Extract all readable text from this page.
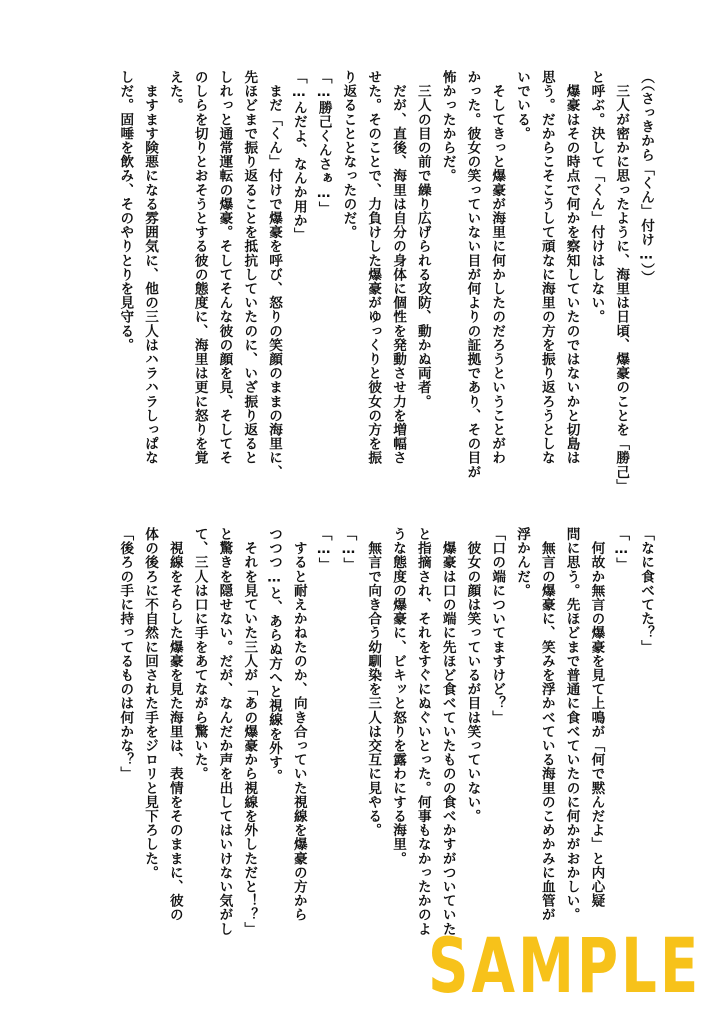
（（さっきから「くん」付け…））
　三人が密かに思ったように、海里は日頃、爆豪のことを「勝己」
と呼ぶ。決して「くん」付けはしない。
　爆豪はその時点で何かを察知していたのではないかと切島は
思う。だからこそこうして頑なに海里の方を振り返ろうとしな
いでいる。
　そしてきっと爆豪が海里に何かしたのだろうということがわ
かった。彼女の笑っていない目が何よりの証拠であり、その目が
怖かったからだ。
　三人の目の前で繰り広げられる攻防、動かぬ両者。
　だが、直後、海里は自分の身体に個性を発動させ力を増幅さ
せた。そのことで、力負けした爆豪がゆっくりと彼女の方を振
り返ることとなったのだ。
「…勝己くんさぁ…」
「…んだよ、なんか用か」
　まだ「くん」付けで爆豪を呼び、怒りの笑顔のままの海里に、
先ほどまで振り返ることを抵抗していたのに、いざ振り返ると
しれっと通常運転の爆豪。そしてそんな彼の顔を見、そしてそ
のしらを切りとおそうとする彼の態度に、海里は更に怒りを覚
えた。
　ますます険悪になる雰囲気に、他の三人はハラハラしっぱな
しだ。固唾を飲み、そのやりとりを見守る。
「なに食べてた？」
「…」
　何故か無言の爆豪を見て上鳴が「何で黙んだよ」と内心疑
問に思う。先ほどまで普通に食べていたのに何かがおかしい。
　無言の爆豪に、笑みを浮かべている海里のこめかみに血管が
浮かんだ。
「口の端についてますけど？」
　彼女の顔は笑っているが目は笑っていない。
　爆豪は口の端に先ほど食べていたものの食べかすがついていた
と指摘され、それをすぐにぬぐいとった。何事もなかったかのよ
うな態度の爆豪に、ビキッと怒りを露わにする海里。
　無言で向き合う幼馴染を三人は交互に見やる。
「…」
「…」
　すると耐えかねたのか、向き合っていた視線を爆豪の方から
つつつ…と、あらぬ方へと視線を外す。
　それを見ていた三人が「あの爆豪から視線を外しただと！？」
と驚きを隠せない。だが、なんだか声を出してはいけない気がし
て、三人は口に手をあてながら驚いた。
　視線をそらした爆豪を見た海里は、表情をそのままに、彼の
体の後ろに不自然に回された手をジロリと見下ろした。
「後ろの手に持ってるものは何かな？」
SAMPLE
